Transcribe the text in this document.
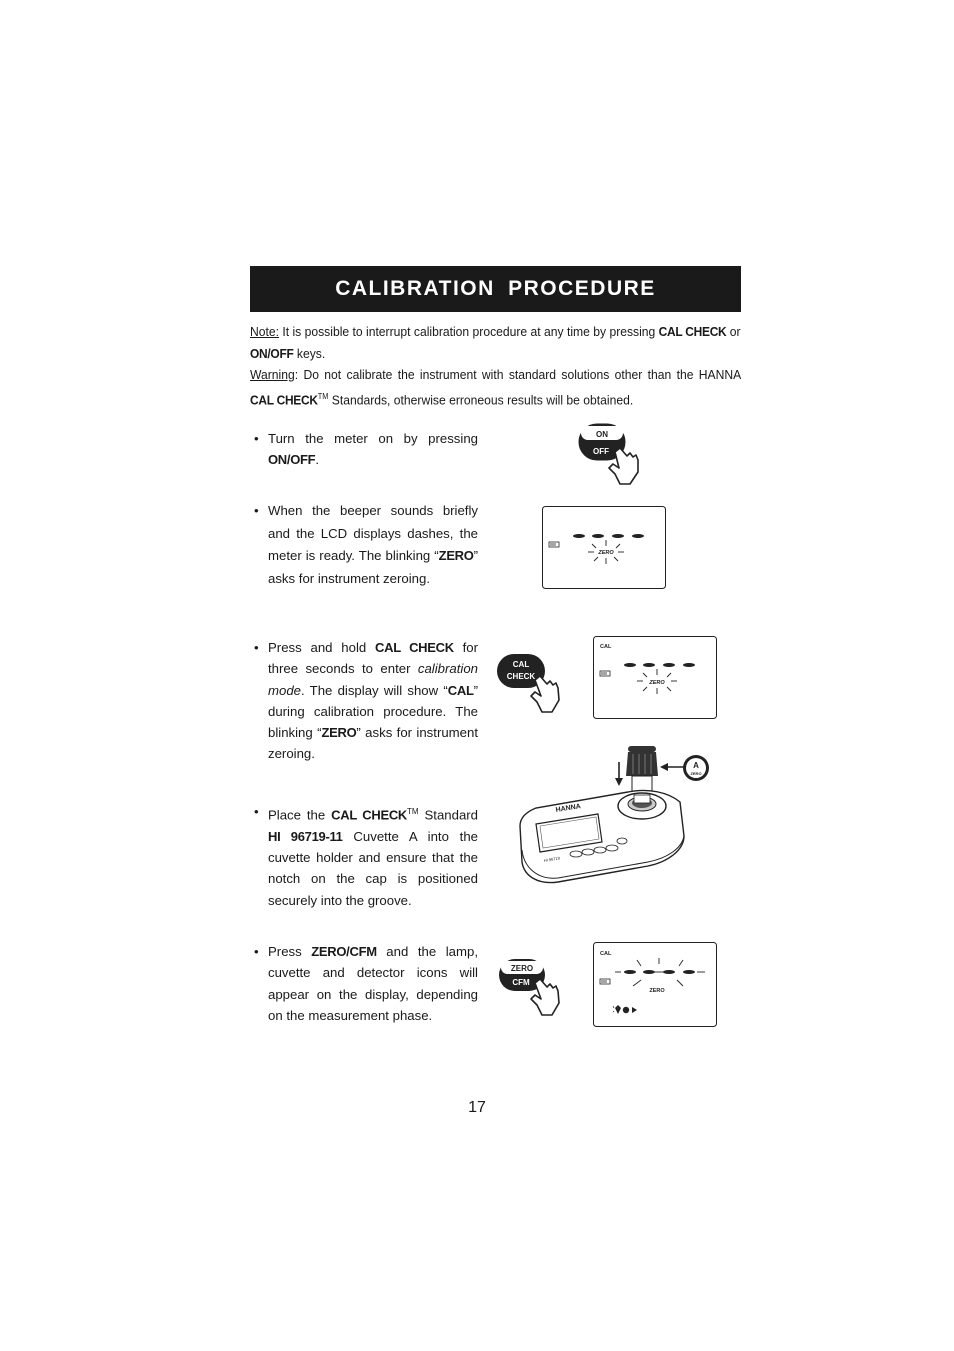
CALIBRATION PROCEDURE
Note: It is possible to interrupt calibration procedure at any time by pressing CAL CHECK or
ON/OFF keys.
Warning: Do not calibrate the instrument with standard solutions other than the HANNA CAL CHECK™ Standards, otherwise erroneous results will be obtained.
• Turn the meter on by pressing ON/OFF.
• When the beeper sounds briefly and the LCD displays dashes, the meter is ready. The blinking “ZERO” asks for instrument zeroing.
• Press and hold CAL CHECK for three seconds to enter calibration mode. The display will show “CAL” during calibration procedure. The blinking “ZERO” asks for instrument zeroing.
• Place the CAL CHECK™ Standard HI 96719-11 Cuvette A into the cuvette holder and ensure that the notch on the cap is positioned securely into the groove.
• Press ZERO/CFM and the lamp, cuvette and detector icons will appear on the display, depending on the measurement phase.
ON
OFF
ZERO
CAL
CHECK
CAL
ZERO
A
ZERO
HANNA
HI 96719
ZERO
CFM
CAL
ZERO
17
